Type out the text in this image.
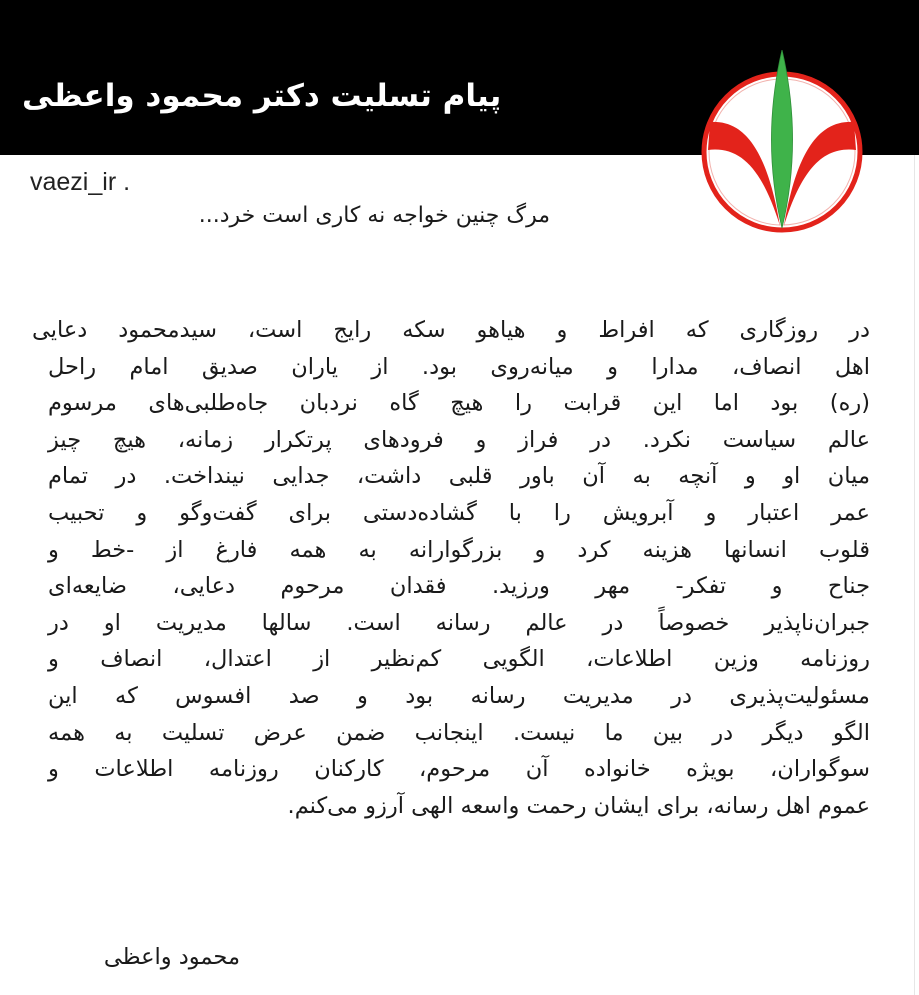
پیام تسلیت دکتر محمود واعظی
vaezi_ir .
مرگ چنین خواجه نه کاری است خرد...
در روزگاری که افراط و هیاهو سکه رایج است، سیدمحمود دعایی
اهل انصاف، مدارا و میانه‌روی بود. از یاران صدیق امام راحل
(ره) بود اما این قرابت را هیچ گاه نردبان جاه‌طلبی‌های مرسوم
عالم سیاست نکرد. در فراز و فرودهای پرتکرار زمانه، هیچ چیز
میان او و آنچه به آن باور قلبی داشت، جدایی نینداخت. در تمام
عمر اعتبار و آبرویش را با گشاده‌دستی برای گفت‌وگو و تحبیب
قلوب انسانها هزینه کرد و بزرگوارانه به همه فارغ از -خط و
جناح و تفکر- مهر ورزید. فقدان مرحوم دعایی، ضایعه‌ای
جبران‌ناپذیر خصوصاً در عالم رسانه است. سالها مدیریت او در
روزنامه وزین اطلاعات، الگویی کم‌نظیر از اعتدال، انصاف و
مسئولیت‌پذیری در مدیریت رسانه بود و صد افسوس که این
الگو دیگر در بین ما نیست. اینجانب ضمن عرض تسلیت به همه
سوگواران، بویژه خانواده آن مرحوم، کارکنان روزنامه اطلاعات و
عموم اهل رسانه، برای ایشان رحمت واسعه الهی آرزو می‌کنم.
محمود واعظی
